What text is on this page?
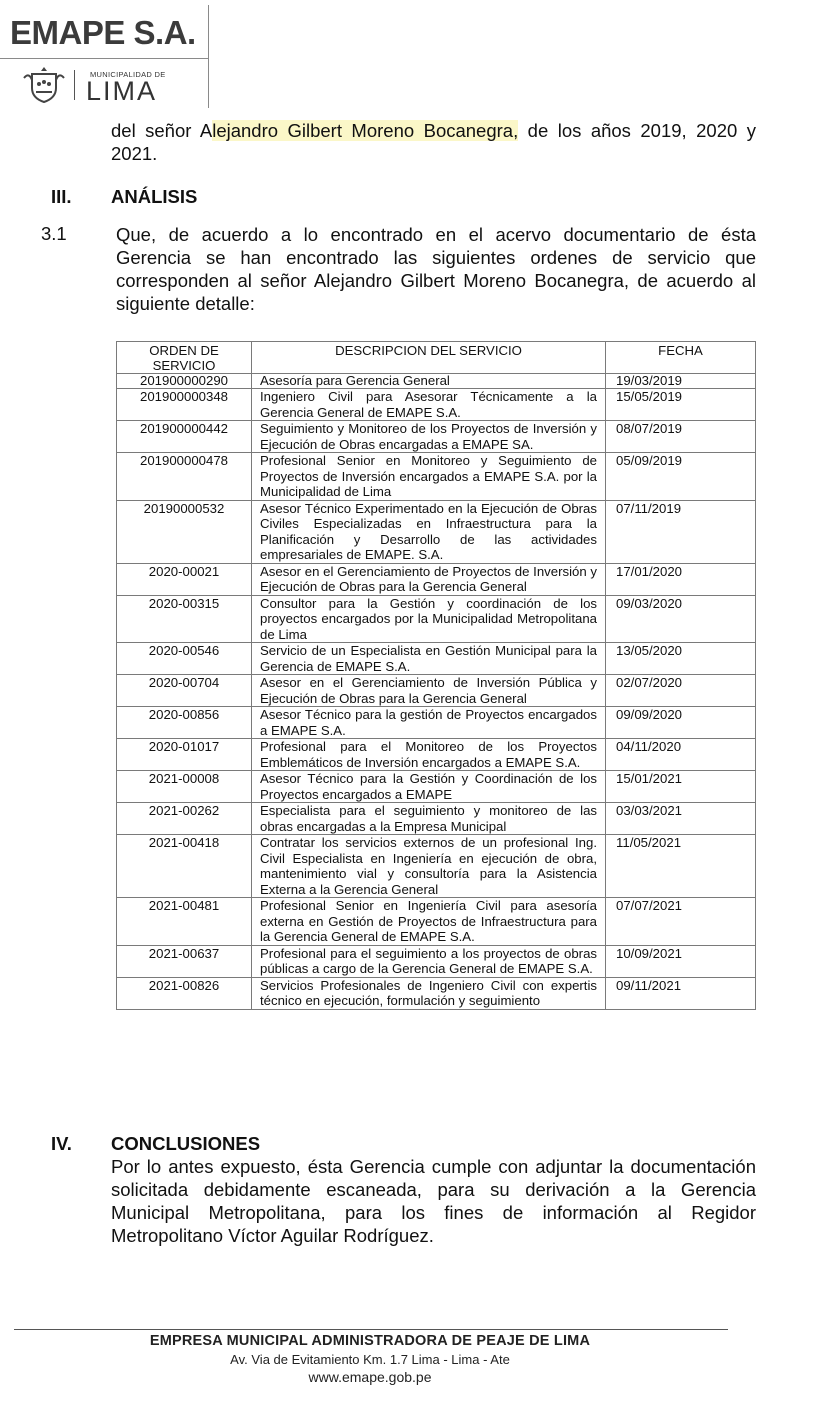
EMAPE S.A.
MUNICIPALIDAD DE
LIMA
del señor Alejandro Gilbert Moreno Bocanegra, de los años 2019, 2020 y
2021.
III. ANÁLISIS
3.1	Que, de acuerdo a lo encontrado en el acervo documentario de ésta
Gerencia se han encontrado las siguientes ordenes de servicio que
corresponden al señor Alejandro Gilbert Moreno Bocanegra, de acuerdo al
siguiente detalle:
ORDEN DE SERVICIO	DESCRIPCION DEL SERVICIO	FECHA
201900000290	Asesoría para Gerencia General	19/03/2019
201900000348	Ingeniero Civil para Asesorar Técnicamente a la Gerencia General de EMAPE S.A.	15/05/2019
201900000442	Seguimiento y Monitoreo de los Proyectos de Inversión y Ejecución de Obras encargadas a EMAPE SA.	08/07/2019
201900000478	Profesional Senior en Monitoreo y Seguimiento de Proyectos de Inversión encargados a EMAPE S.A. por la Municipalidad de Lima	05/09/2019
20190000532	Asesor Técnico Experimentado en la Ejecución de Obras Civiles Especializadas en Infraestructura para la Planificación y Desarrollo de las actividades empresariales de EMAPE. S.A.	07/11/2019
2020-00021	Asesor en el Gerenciamiento de Proyectos de Inversión y Ejecución de Obras para la Gerencia General	17/01/2020
2020-00315	Consultor para la Gestión y coordinación de los proyectos encargados por la Municipalidad Metropolitana de Lima	09/03/2020
2020-00546	Servicio de un Especialista en Gestión Municipal para la Gerencia de EMAPE S.A.	13/05/2020
2020-00704	Asesor en el Gerenciamiento de Inversión Pública y Ejecución de Obras para la Gerencia General	02/07/2020
2020-00856	Asesor Técnico para la gestión de Proyectos encargados a EMAPE S.A.	09/09/2020
2020-01017	Profesional para el Monitoreo de los Proyectos Emblemáticos de Inversión encargados a EMAPE S.A.	04/11/2020
2021-00008	Asesor Técnico para la Gestión y Coordinación de los Proyectos encargados a EMAPE	15/01/2021
2021-00262	Especialista para el seguimiento y monitoreo de las obras encargadas a la Empresa Municipal	03/03/2021
2021-00418	Contratar los servicios externos de un profesional Ing. Civil Especialista en Ingeniería en ejecución de obra, mantenimiento vial y consultoría para la Asistencia Externa a la Gerencia General	11/05/2021
2021-00481	Profesional Senior en Ingeniería Civil para asesoría externa en Gestión de Proyectos de Infraestructura para la Gerencia General de EMAPE S.A.	07/07/2021
2021-00637	Profesional para el seguimiento a los proyectos de obras públicas a cargo de la Gerencia General de EMAPE S.A.	10/09/2021
2021-00826	Servicios Profesionales de Ingeniero Civil con expertis técnico en ejecución, formulación y seguimiento	09/11/2021
IV. CONCLUSIONES
Por lo antes expuesto, ésta Gerencia cumple con adjuntar la documentación
solicitada debidamente escaneada, para su derivación a la Gerencia
Municipal Metropolitana, para los fines de información al Regidor
Metropolitano Víctor Aguilar Rodríguez.
EMPRESA MUNICIPAL ADMINISTRADORA DE PEAJE DE LIMA
Av. Via de Evitamiento Km. 1.7 Lima - Lima - Ate
www.emape.gob.pe
